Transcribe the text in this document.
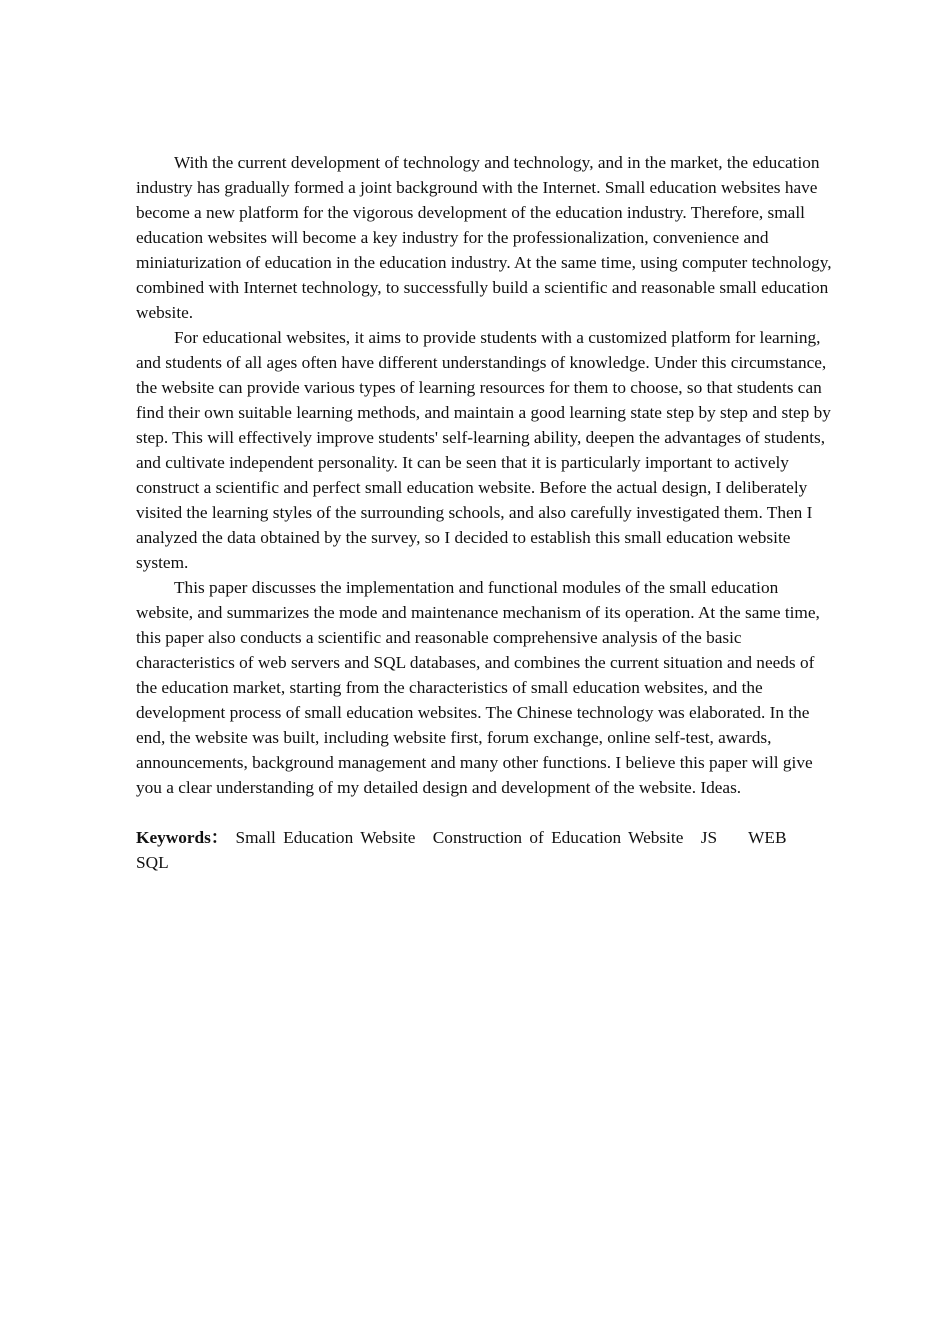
With the current development of technology and technology, and in the market, the education industry has gradually formed a joint background with the Internet. Small education websites have become a new platform for the vigorous development of the education industry. Therefore, small education websites will become a key industry for the professionalization, convenience and miniaturization of education in the education industry. At the same time, using computer technology, combined with Internet technology, to successfully build a scientific and reasonable small education website.

For educational websites, it aims to provide students with a customized platform for learning, and students of all ages often have different understandings of knowledge. Under this circumstance, the website can provide various types of learning resources for them to choose, so that students can find their own suitable learning methods, and maintain a good learning state step by step and step by step. This will effectively improve students' self-learning ability, deepen the advantages of students, and cultivate independent personality. It can be seen that it is particularly important to actively construct a scientific and perfect small education website. Before the actual design, I deliberately visited the learning styles of the surrounding schools, and also carefully investigated them. Then I analyzed the data obtained by the survey, so I decided to establish this small education website system.

This paper discusses the implementation and functional modules of the small education website, and summarizes the mode and maintenance mechanism of its operation. At the same time, this paper also conducts a scientific and reasonable comprehensive analysis of the basic characteristics of web servers and SQL databases, and combines the current situation and needs of the education market, starting from the characteristics of small education websites, and the development process of small education websites. The Chinese technology was elaborated. In the end, the website was built, including website first, forum exchange, online self-test, awards, announcements, background management and many other functions. I believe this paper will give you a clear understanding of my detailed design and development of the website. Ideas.

Keywords： Small Education Website Construction of Education Website JS WEB
SQL
